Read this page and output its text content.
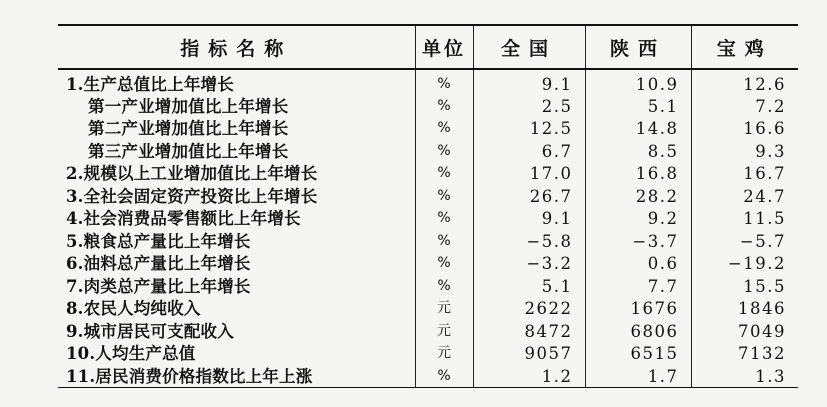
指标名称	单位	全国	陕西	宝鸡
1.生产总值比上年增长	%	9.1	10.9	12.6
第一产业增加值比上年增长	%	2.5	5.1	7.2
第二产业增加值比上年增长	%	12.5	14.8	16.6
第三产业增加值比上年增长	%	6.7	8.5	9.3
2.规模以上工业增加值比上年增长	%	17.0	16.8	16.7
3.全社会固定资产投资比上年增长	%	26.7	28.2	24.7
4.社会消费品零售额比上年增长	%	9.1	9.2	11.5
5.粮食总产量比上年增长	%	−5.8	−3.7	−5.7
6.油料总产量比上年增长	%	−3.2	0.6	−19.2
7.肉类总产量比上年增长	%	5.1	7.7	15.5
8.农民人均纯收入	元	2622	1676	1846
9.城市居民可支配收入	元	8472	6806	7049
10.人均生产总值	元	9057	6515	7132
11.居民消费价格指数比上年上涨	%	1.2	1.7	1.3
